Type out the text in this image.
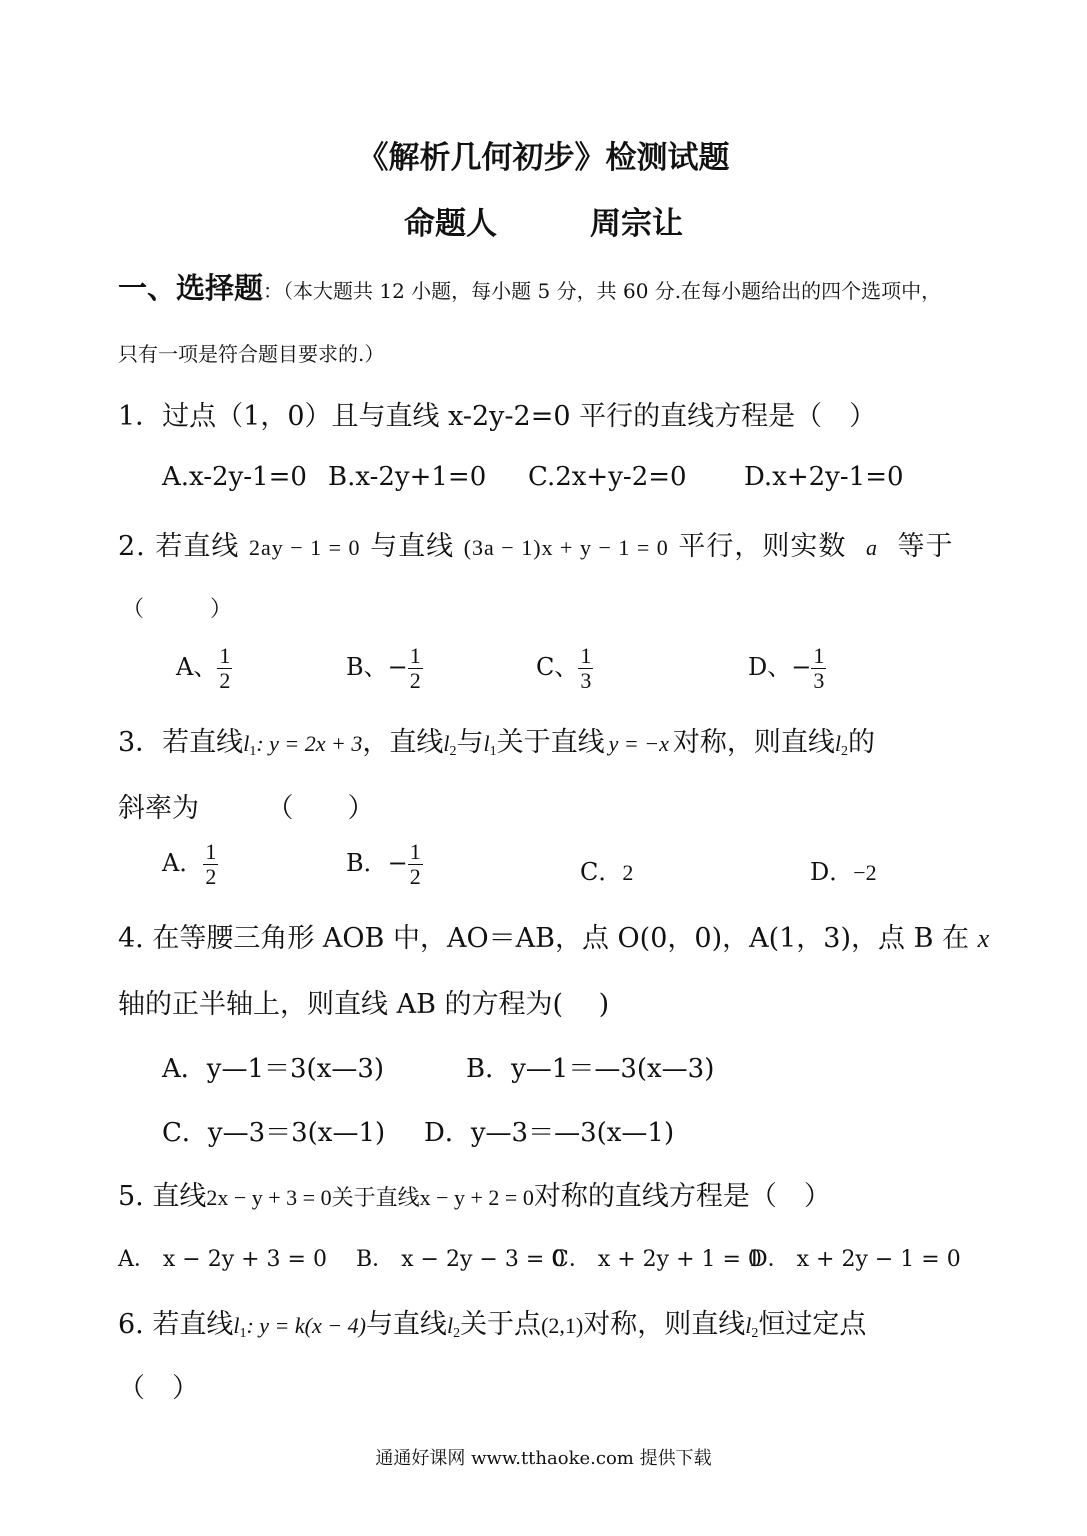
《解析几何初步》检测试题
命题人　　　周宗让
一、选择题：（本大题共 12 小题，每小题 5 分，共 60 分.在每小题给出的四个选项中，
只有一项是符合题目要求的.）
1．过点（1，0）且与直线 x-2y-2=0 平行的直线方程是（　）
A.x-2y-1=0 B.x-2y+1=0 C.2x+y-2=0 D.x+2y-1=0
2. 若直线 2ay − 1 = 0 与直线 (3a − 1)x + y − 1 = 0 平行，则实数 a 等于
（　　　）
A、 $\frac{1}{2}$	B、− $\frac{1}{2}$	C、 $\frac{1}{3}$	D、− $\frac{1}{3}$
3．若直线$l_1$: y = 2x + 3，直线$l_2$与$l_1$关于直线 y = −x 对称，则直线$l_2$的
斜率为　　　（　　）
A． $\frac{1}{2}$	B．− $\frac{1}{2}$	C．2	D．−2
4. 在等腰三角形 AOB 中，AO＝AB，点 O(0，0)，A(1，3)，点 B 在 x
轴的正半轴上，则直线 AB 的方程为(　 )
A．y—1＝3(x—3)	B．y—1＝—3(x—3)
C．y—3＝3(x—1) D．y—3＝—3(x—1)
5. 直线2x − y + 3 = 0关于直线x − y + 2 = 0对称的直线方程是（　）
A． x − 2y + 3 = 0 B． x − 2y − 3 = 0
C． x + 2y + 1 = 0
D． x + 2y − 1 = 0
6. 若直线$l_1$: y = k(x − 4)与直线$l_2$关于点(2,1)对称，则直线$l_2$恒过定点
（　）
通通好课网 www.tthaoke.com 提供下载
